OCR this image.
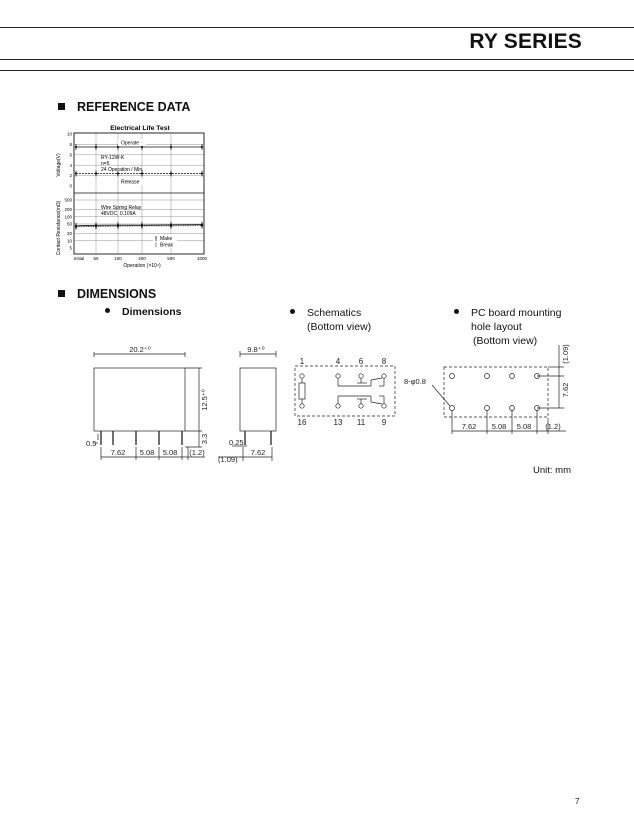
RY SERIES
REFERENCE DATA
Electrical Life Test
Voltage(V)
Contact Resistance(mΩ)
10
8
6
4
2
0
500
200
100
50
20
10
5
Initial 50	100	200	500	1000
Operate
RY-12W-K
n=5
24 Operation / Min.
Release
Wire Spring Relay
48VDC, 0.109A
Make
Break
Operation (×10⁴)
DIMENSIONS
Dimensions	Schematics
(Bottom view)
PC board mounting
hole layout
(Bottom view)
20.2⁺⁰
12.5⁺⁰
3.3
0.5
7.62 5.08 5.08 (1.2)
9.8⁺⁰
0.25
(1.09)
7.62
1	4 6 8
16	13 11 9
8-φ0.8
(1.09)
7.62
7.62 5.08 5.08 (1.2)
Unit: mm
7
